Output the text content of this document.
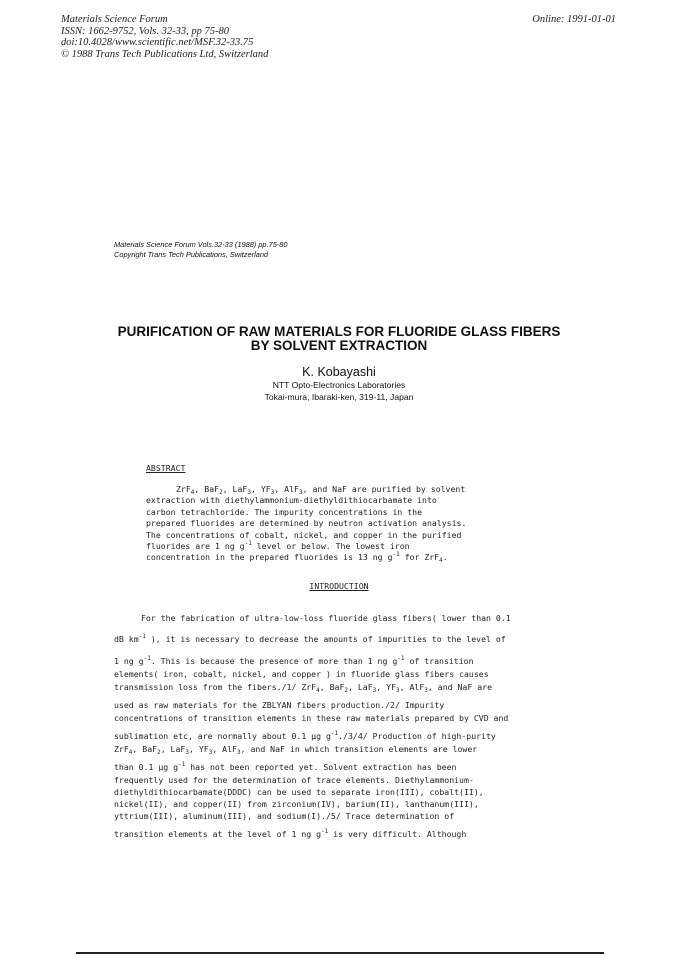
Materials Science Forum
ISSN: 1662-9752, Vols. 32-33, pp 75-80
doi:10.4028/www.scientific.net/MSF.32-33.75
© 1988 Trans Tech Publications Ltd, Switzerland
Online: 1991-01-01
Materials Science Forum Vols.32-33 (1988) pp.75-80
Copyright Trans Tech Publications, Switzerland
PURIFICATION OF RAW MATERIALS FOR FLUORIDE GLASS FIBERS
BY SOLVENT EXTRACTION
K. Kobayashi
NTT Opto-Electronics Laboratories
Tokai-mura, Ibaraki-ken, 319-11, Japan
ABSTRACT
ZrF$_4$, BaF$_2$, LaF$_3$, $YF_3$, AlF$_3$, and NaF are purified by solvent
extraction with diethylammonium-diethyldithiocarbamate into
carbon tetrachloride. The impurity concentrations in the
prepared fluorides are determined by neutron activation analysis.
The concentrations of cobalt, nickel, and copper in the purified
fluorides are 1 ng $g^{-1}$ level or below. The lowest iron
concentration in the prepared fluorides is 13 ng $g^{-1}$ for ZrF$_4$.
INTRODUCTION
For the fabrication of ultra-low-loss fluoride glass fibers( lower than 0.1
dB $km^{-1}$ ), it is necessary to decrease the amounts of impurities to the level of
1 ng $g^{-1}$. This is because the presence of more than 1 ng $g^{-1}$ of transition
elements( iron, cobalt, nickel, and copper ) in fluoride glass fibers causes
transmission loss from the fibers./1/ ZrF$_4$, BaF$_2$, LaF$_3$, $YF_3$, AlF$_3$, and NaF are
used as raw materials for the ZBLYAN fibers production./2/ Impurity
concentrations of transition elements in these raw materials prepared by CVD and
sublimation etc, are normally about 0.1 µg $g^{-1}./3/4/$ Production of high-purity
ZrF$_4$, BaF$_2$, LaF$_3$, $YF_3$, AlF$_3$, and NaF in which transition elements are lower
than 0.1 µg $g^{-1}$ has not been reported yet. Solvent extraction has been
frequently used for the determination of trace elements. Diethylammonium-
diethyldithiocarbamate(DDDC) can be used to separate iron(III), cobalt(II),
nickel(II), and copper(II) from zirconium(IV), barium(II), lanthanum(III),
yttrium(III), aluminum(III), and sodium(I)./5/ Trace determination of
transition elements at the level of 1 ng $g^{-1}$ is very difficult. Although
